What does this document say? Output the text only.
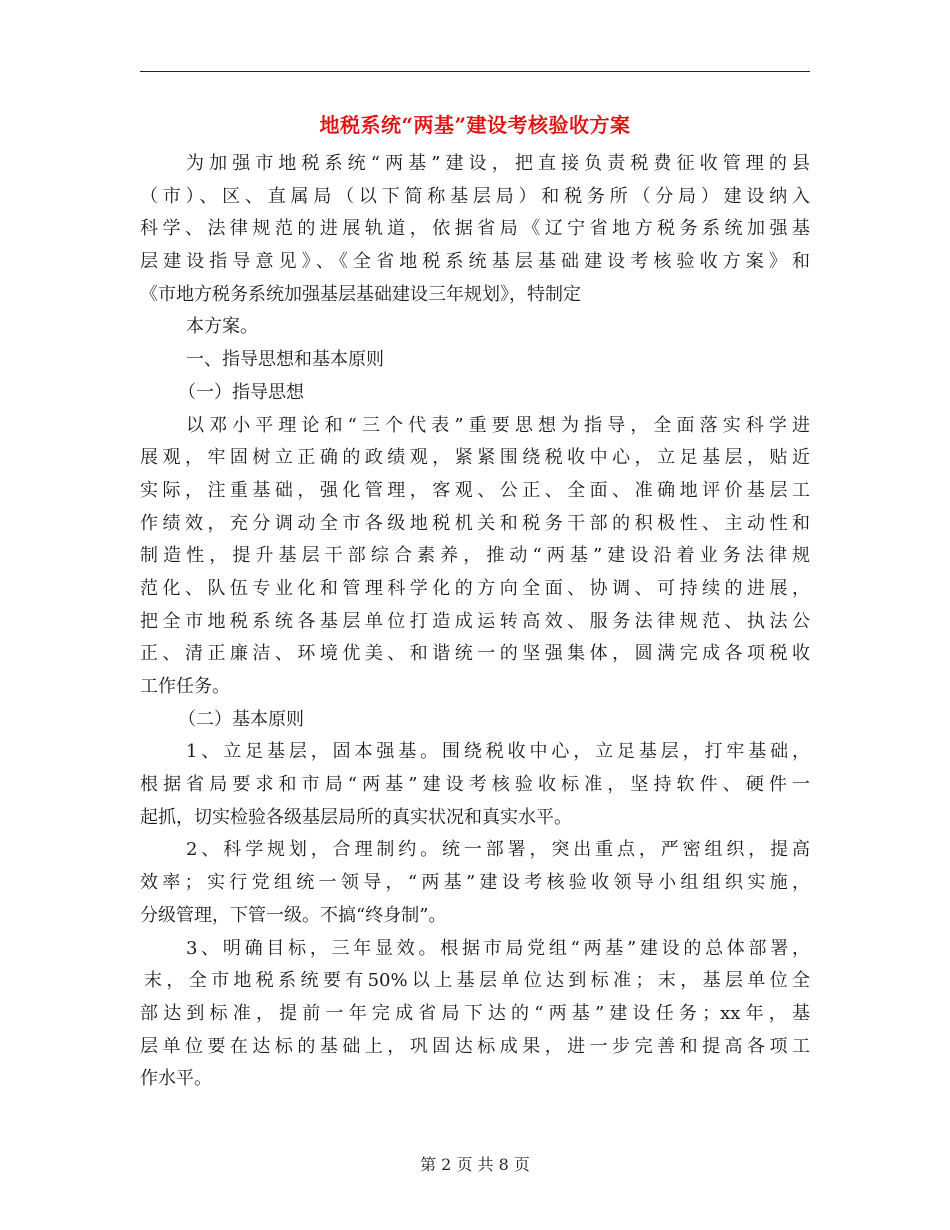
地税系统“两基”建设考核验收方案
为加强市地税系统“两基”建设，把直接负责税费征收管理的县
（市）、区、直属局（以下简称基层局）和税务所（分局）建设纳入
科学、法律规范的进展轨道，依据省局《辽宁省地方税务系统加强基
层建设指导意见》、《全省地税系统基层基础建设考核验收方案》和
《市地方税务系统加强基层基础建设三年规划》，特制定
本方案。
一、指导思想和基本原则
（一）指导思想
以邓小平理论和“三个代表”重要思想为指导，全面落实科学进
展观，牢固树立正确的政绩观，紧紧围绕税收中心，立足基层，贴近
实际，注重基础，强化管理，客观、公正、全面、准确地评价基层工
作绩效，充分调动全市各级地税机关和税务干部的积极性、主动性和
制造性，提升基层干部综合素养，推动“两基”建设沿着业务法律规
范化、队伍专业化和管理科学化的方向全面、协调、可持续的进展，
把全市地税系统各基层单位打造成运转高效、服务法律规范、执法公
正、清正廉洁、环境优美、和谐统一的坚强集体，圆满完成各项税收
工作任务。
（二）基本原则
1、立足基层，固本强基。围绕税收中心，立足基层，打牢基础，
根据省局要求和市局“两基”建设考核验收标准，坚持软件、硬件一
起抓，切实检验各级基层局所的真实状况和真实水平。
2、科学规划，合理制约。统一部署，突出重点，严密组织，提高
效率；实行党组统一领导，“两基”建设考核验收领导小组组织实施，
分级管理，下管一级。不搞“终身制”。
3、明确目标，三年显效。根据市局党组“两基”建设的总体部署，
末，全市地税系统要有50%以上基层单位达到标准；末，基层单位全
部达到标准，提前一年完成省局下达的“两基”建设任务；xx年，基
层单位要在达标的基础上，巩固达标成果，进一步完善和提高各项工
作水平。
第 2 页 共 8 页
